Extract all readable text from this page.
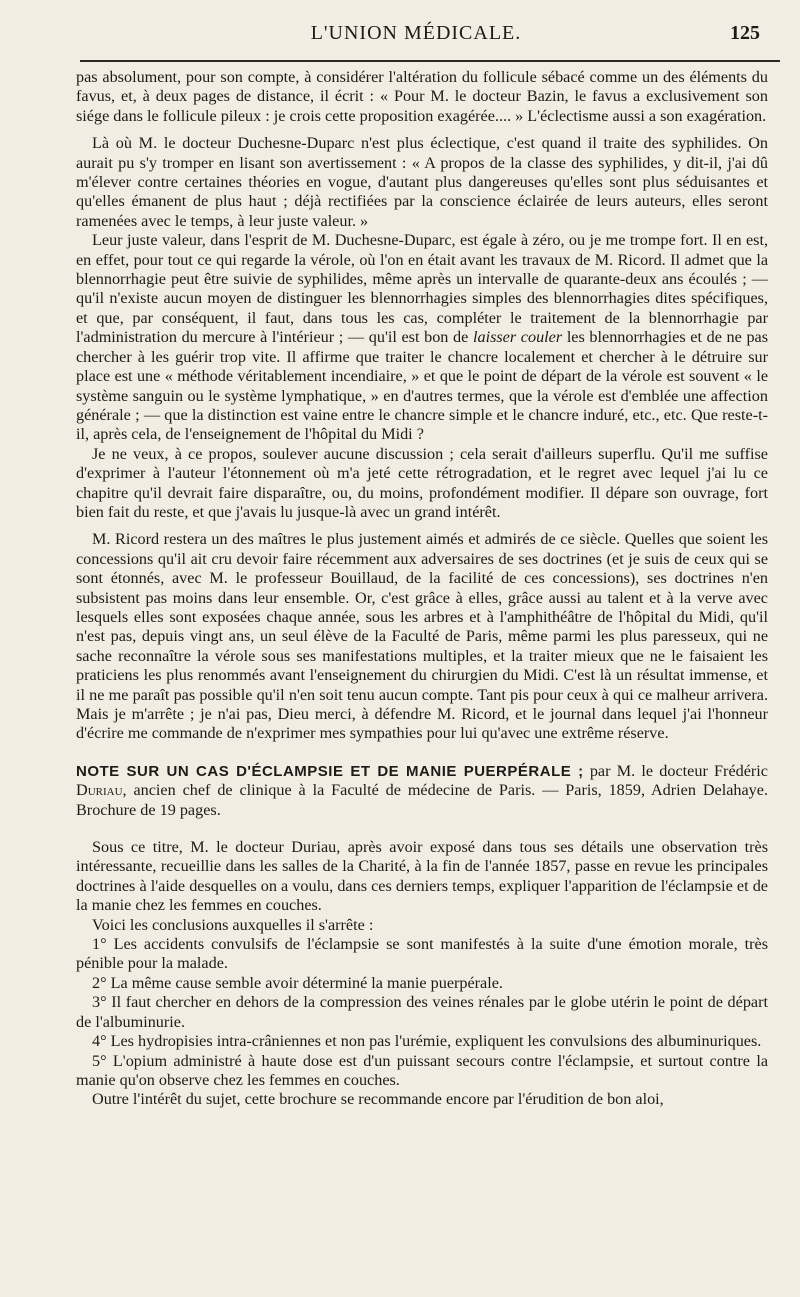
L'UNION MÉDICALE.	125

pas absolument, pour son compte, à considérer l'altération du follicule sébacé comme un des éléments du favus, et, à deux pages de distance, il écrit : « Pour M. le docteur Bazin, le favus a exclusivement son siége dans le follicule pileux : je crois cette proposition exagérée.... » L'éclectisme aussi a son exagération.

Là où M. le docteur Duchesne-Duparc n'est plus éclectique, c'est quand il traite des syphilides. On aurait pu s'y tromper en lisant son avertissement : « A propos de la classe des syphilides, y dit-il, j'ai dû m'élever contre certaines théories en vogue, d'autant plus dangereuses qu'elles sont plus séduisantes et qu'elles émanent de plus haut ; déjà rectifiées par la conscience éclairée de leurs auteurs, elles seront ramenées avec le temps, à leur juste valeur. »

Leur juste valeur, dans l'esprit de M. Duchesne-Duparc, est égale à zéro, ou je me trompe fort. Il en est, en effet, pour tout ce qui regarde la vérole, où l'on en était avant les travaux de M. Ricord. Il admet que la blennorrhagie peut être suivie de syphilides, même après un intervalle de quarante-deux ans écoulés ; — qu'il n'existe aucun moyen de distinguer les blennorrhagies simples des blennorrhagies dites spécifiques, et que, par conséquent, il faut, dans tous les cas, compléter le traitement de la blennorrhagie par l'administration du mercure à l'intérieur ; — qu'il est bon de laisser couler les blennorrhagies et de ne pas chercher à les guérir trop vite. Il affirme que traiter le chancre localement et chercher à le détruire sur place est une « méthode véritablement incendiaire, » et que le point de départ de la vérole est souvent « le système sanguin ou le système lymphatique, » en d'autres termes, que la vérole est d'emblée une affection générale ; — que la distinction est vaine entre le chancre simple et le chancre induré, etc., etc. Que reste-t-il, après cela, de l'enseignement de l'hôpital du Midi ?

Je ne veux, à ce propos, soulever aucune discussion ; cela serait d'ailleurs superflu. Qu'il me suffise d'exprimer à l'auteur l'étonnement où m'a jeté cette rétrogradation, et le regret avec lequel j'ai lu ce chapitre qu'il devrait faire disparaître, ou, du moins, profondément modifier. Il dépare son ouvrage, fort bien fait du reste, et que j'avais lu jusque-là avec un grand intérêt.

M. Ricord restera un des maîtres le plus justement aimés et admirés de ce siècle. Quelles que soient les concessions qu'il ait cru devoir faire récemment aux adversaires de ses doctrines (et je suis de ceux qui se sont étonnés, avec M. le professeur Bouillaud, de la facilité de ces concessions), ses doctrines n'en subsistent pas moins dans leur ensemble. Or, c'est grâce à elles, grâce aussi au talent et à la verve avec lesquels elles sont exposées chaque année, sous les arbres et à l'amphithéâtre de l'hôpital du Midi, qu'il n'est pas, depuis vingt ans, un seul élève de la Faculté de Paris, même parmi les plus paresseux, qui ne sache reconnaître la vérole sous ses manifestations multiples, et la traiter mieux que ne le faisaient les praticiens les plus renommés avant l'enseignement du chirurgien du Midi. C'est là un résultat immense, et il ne me paraît pas possible qu'il n'en soit tenu aucun compte. Tant pis pour ceux à qui ce malheur arrivera. Mais je m'arrête ; je n'ai pas, Dieu merci, à défendre M. Ricord, et le journal dans lequel j'ai l'honneur d'écrire me commande de n'exprimer mes sympathies pour lui qu'avec une extrême réserve.

NOTE SUR UN CAS D'ÉCLAMPSIE ET DE MANIE PUERPÉRALE ; par M. le docteur Frédéric Duriau, ancien chef de clinique à la Faculté de médecine de Paris. — Paris, 1859, Adrien Delahaye. Brochure de 19 pages.

Sous ce titre, M. le docteur Duriau, après avoir exposé dans tous ses détails une observation très intéressante, recueillie dans les salles de la Charité, à la fin de l'année 1857, passe en revue les principales doctrines à l'aide desquelles on a voulu, dans ces derniers temps, expliquer l'apparition de l'éclampsie et de la manie chez les femmes en couches.

Voici les conclusions auxquelles il s'arrête :

1° Les accidents convulsifs de l'éclampsie se sont manifestés à la suite d'une émotion morale, très pénible pour la malade.

2° La même cause semble avoir déterminé la manie puerpérale.

3° Il faut chercher en dehors de la compression des veines rénales par le globe utérin le point de départ de l'albuminurie.

4° Les hydropisies intra-crâniennes et non pas l'urémie, expliquent les convulsions des albuminuriques.

5° L'opium administré à haute dose est d'un puissant secours contre l'éclampsie, et surtout contre la manie qu'on observe chez les femmes en couches.

Outre l'intérêt du sujet, cette brochure se recommande encore par l'érudition de bon aloi,
